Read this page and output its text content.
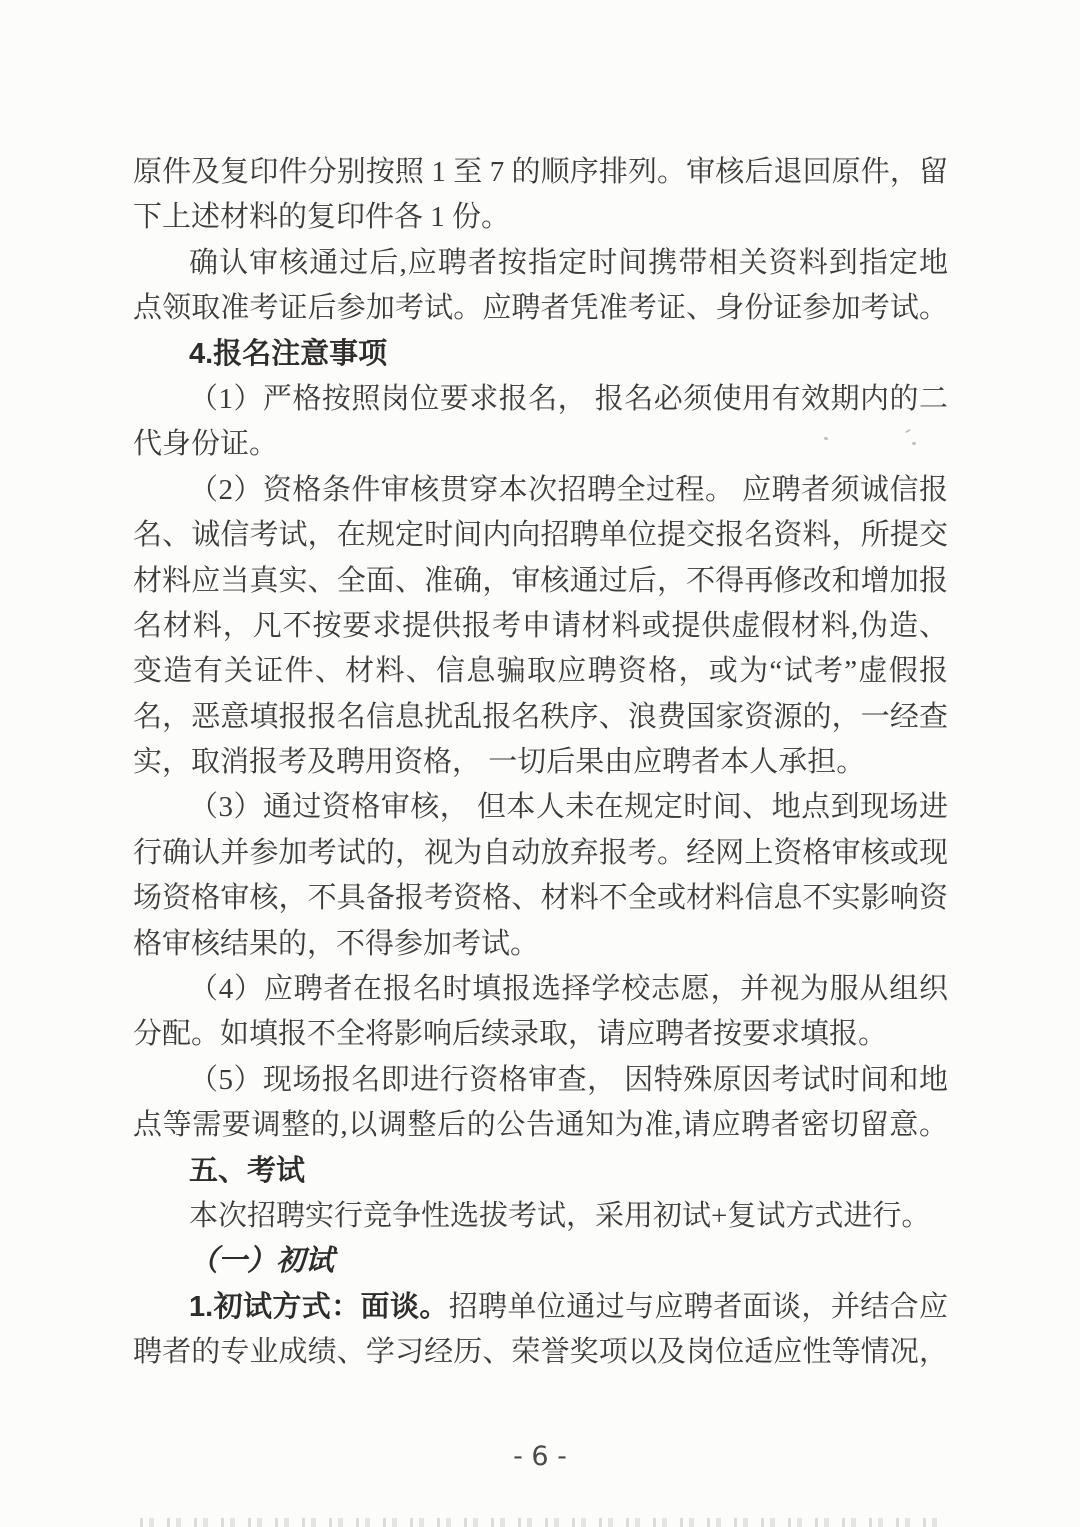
原件及复印件分别按照 1 至 7 的顺序排列。审核后退回原件，留
下上述材料的复印件各 1 份。
确认审核通过后,应聘者按指定时间携带相关资料到指定地
点领取准考证后参加考试。应聘者凭准考证、身份证参加考试。
4.报名注意事项
（1）严格按照岗位要求报名， 报名必须使用有效期内的二
代身份证。
（2）资格条件审核贯穿本次招聘全过程。 应聘者须诚信报
名、诚信考试，在规定时间内向招聘单位提交报名资料，所提交
材料应当真实、全面、准确，审核通过后，不得再修改和增加报
名材料，凡不按要求提供报考申请材料或提供虚假材料,伪造、
变造有关证件、材料、信息骗取应聘资格，或为“试考”虚假报
名，恶意填报报名信息扰乱报名秩序、浪费国家资源的，一经查
实，取消报考及聘用资格， 一切后果由应聘者本人承担。
（3）通过资格审核， 但本人未在规定时间、地点到现场进
行确认并参加考试的，视为自动放弃报考。经网上资格审核或现
场资格审核，不具备报考资格、材料不全或材料信息不实影响资
格审核结果的，不得参加考试。
（4）应聘者在报名时填报选择学校志愿，并视为服从组织
分配。如填报不全将影响后续录取，请应聘者按要求填报。
（5）现场报名即进行资格审查， 因特殊原因考试时间和地
点等需要调整的,以调整后的公告通知为准,请应聘者密切留意。
五、考试
本次招聘实行竞争性选拔考试，采用初试+复试方式进行。
（一）初试
1.初试方式：面谈。招聘单位通过与应聘者面谈，并结合应
聘者的专业成绩、学习经历、荣誉奖项以及岗位适应性等情况，
- 6 -
